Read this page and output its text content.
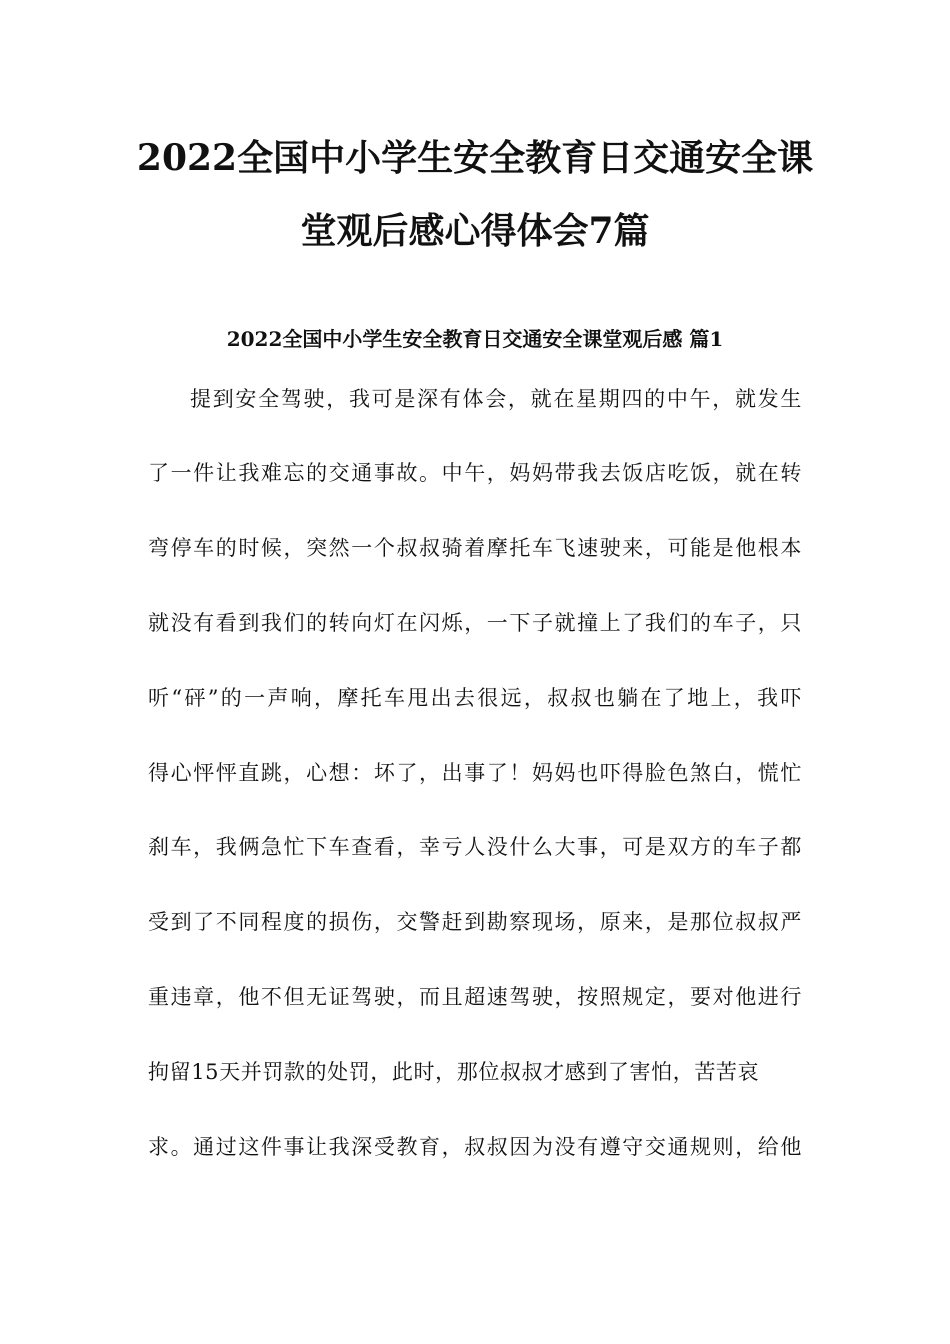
2022全国中小学生安全教育日交通安全课
堂观后感心得体会7篇
2022全国中小学生安全教育日交通安全课堂观后感 篇1
提到安全驾驶，我可是深有体会，就在星期四的中午，就发生
了一件让我难忘的交通事故。中午，妈妈带我去饭店吃饭，就在转
弯停车的时候，突然一个叔叔骑着摩托车飞速驶来，可能是他根本
就没有看到我们的转向灯在闪烁，一下子就撞上了我们的车子，只
听“砰”的一声响，摩托车甩出去很远，叔叔也躺在了地上，我吓
得心怦怦直跳，心想：坏了，出事了！妈妈也吓得脸色煞白，慌忙
刹车，我俩急忙下车查看，幸亏人没什么大事，可是双方的车子都
受到了不同程度的损伤，交警赶到勘察现场，原来，是那位叔叔严
重违章，他不但无证驾驶，而且超速驾驶，按照规定，要对他进行
拘留15天并罚款的处罚，此时，那位叔叔才感到了害怕，苦苦哀
求。通过这件事让我深受教育，叔叔因为没有遵守交通规则，给他
